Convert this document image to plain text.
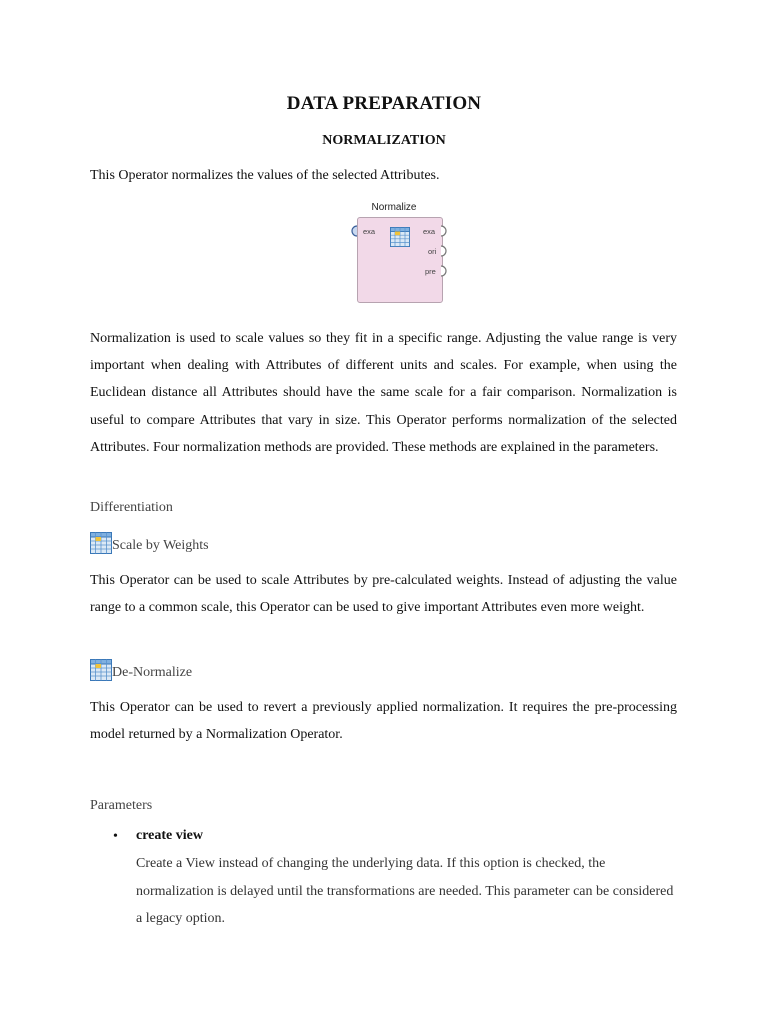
DATA PREPARATION
NORMALIZATION
This Operator normalizes the values of the selected Attributes.
Normalize
exa	exa
ori
pre
Normalization is used to scale values so they fit in a specific range. Adjusting the value range is very important when dealing with Attributes of different units and scales. For example, when using the Euclidean distance all Attributes should have the same scale for a fair comparison. Normalization is useful to compare Attributes that vary in size. This Operator performs normalization of the selected Attributes. Four normalization methods are provided. These methods are explained in the parameters.
Differentiation
Scale by Weights
This Operator can be used to scale Attributes by pre-calculated weights. Instead of adjusting the value range to a common scale, this Operator can be used to give important Attributes even more weight.
De-Normalize
This Operator can be used to revert a previously applied normalization. It requires the pre-processing model returned by a Normalization Operator.
Parameters
• create view
Create a View instead of changing the underlying data. If this option is checked, the normalization is delayed until the transformations are needed. This parameter can be considered a legacy option.
